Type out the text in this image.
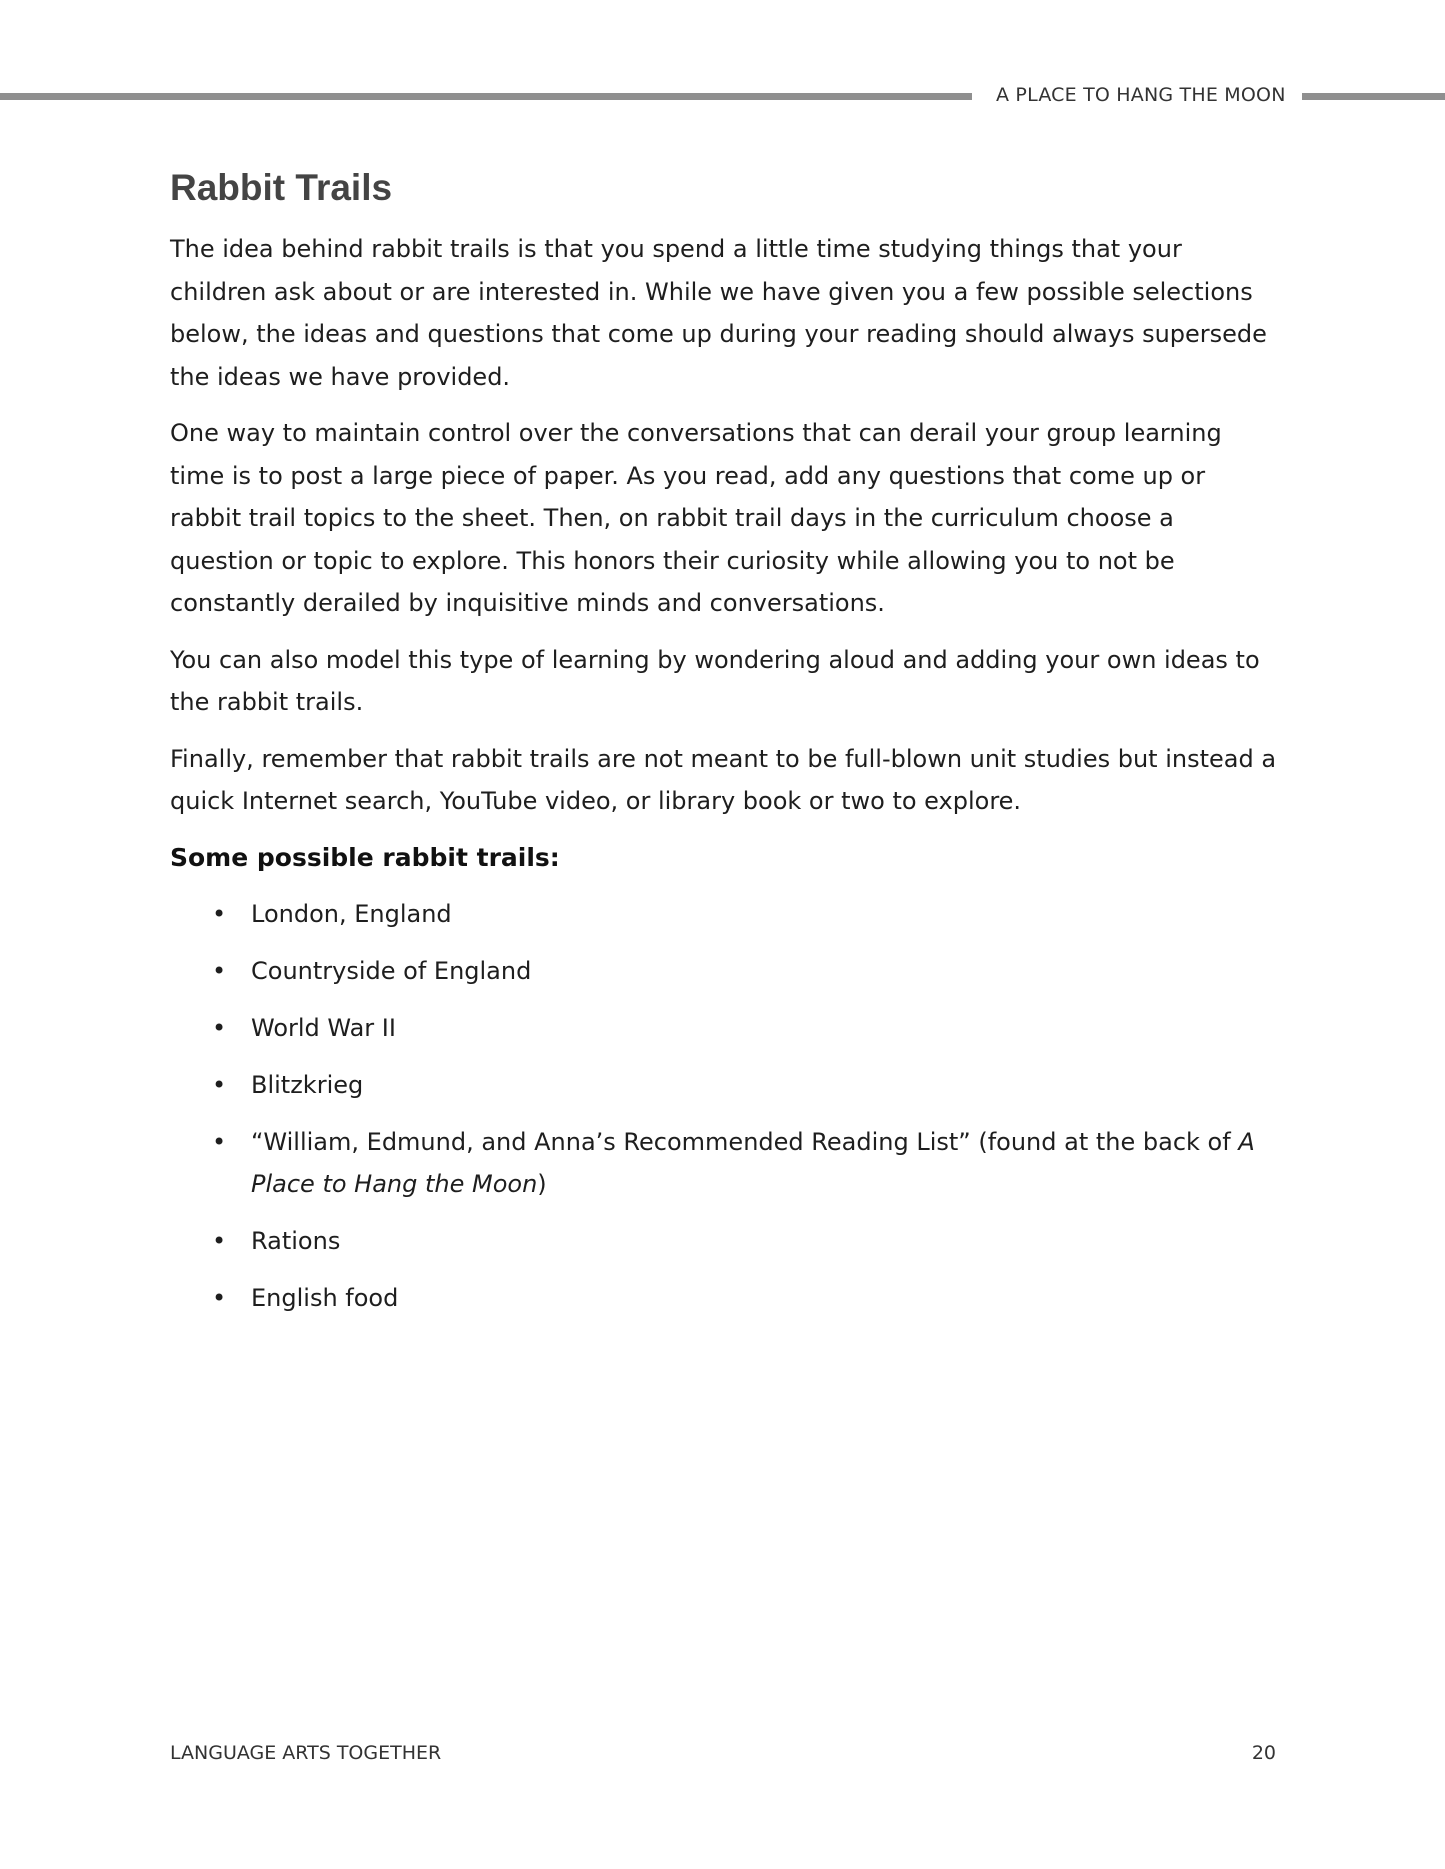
A PLACE TO HANG THE MOON
Rabbit Trails

The idea behind rabbit trails is that you spend a little time studying things that your children ask about or are interested in. While we have given you a few possible selections below, the ideas and questions that come up during your reading should always supersede the ideas we have provided.

One way to maintain control over the conversations that can derail your group learning time is to post a large piece of paper. As you read, add any questions that come up or rabbit trail topics to the sheet. Then, on rabbit trail days in the curriculum choose a question or topic to explore. This honors their curiosity while allowing you to not be constantly derailed by inquisitive minds and conversations.

You can also model this type of learning by wondering aloud and adding your own ideas to the rabbit trails.

Finally, remember that rabbit trails are not meant to be full-blown unit studies but instead a quick Internet search, YouTube video, or library book or two to explore.

Some possible rabbit trails:
• London, England
• Countryside of England
• World War II
• Blitzkrieg
• “William, Edmund, and Anna’s Recommended Reading List” (found at the back of A Place to Hang the Moon)
• Rations
• English food
LANGUAGE ARTS TOGETHER	20
